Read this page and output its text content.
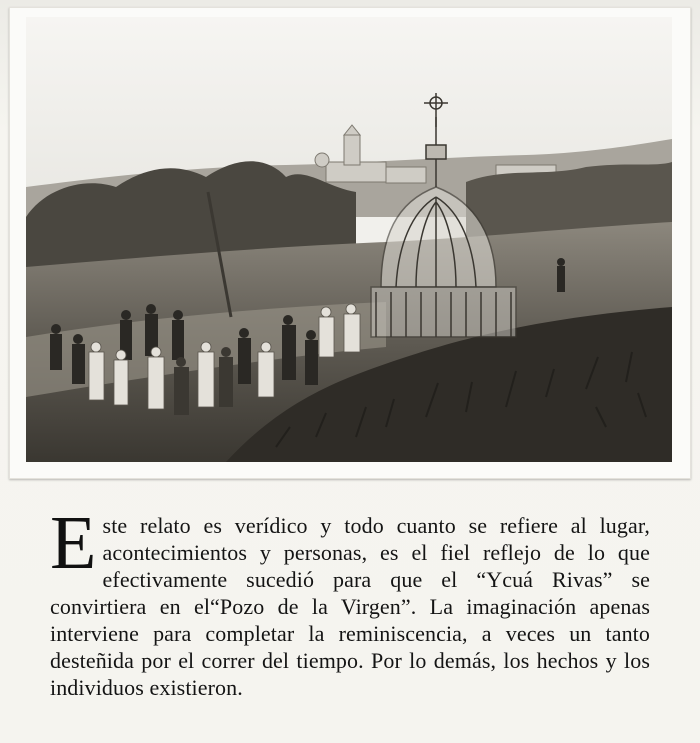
Este relato es verídico y todo cuanto se refiere al lugar, acontecimientos y personas, es el fiel reflejo de lo que efectivamente sucedió para que el “Ycuá Rivas” se convirtiera en el“Pozo de la Virgen”. La imaginación apenas interviene para completar la reminiscencia, a veces un tanto desteñida por el correr del tiempo. Por lo demás, los hechos y los individuos existieron.
